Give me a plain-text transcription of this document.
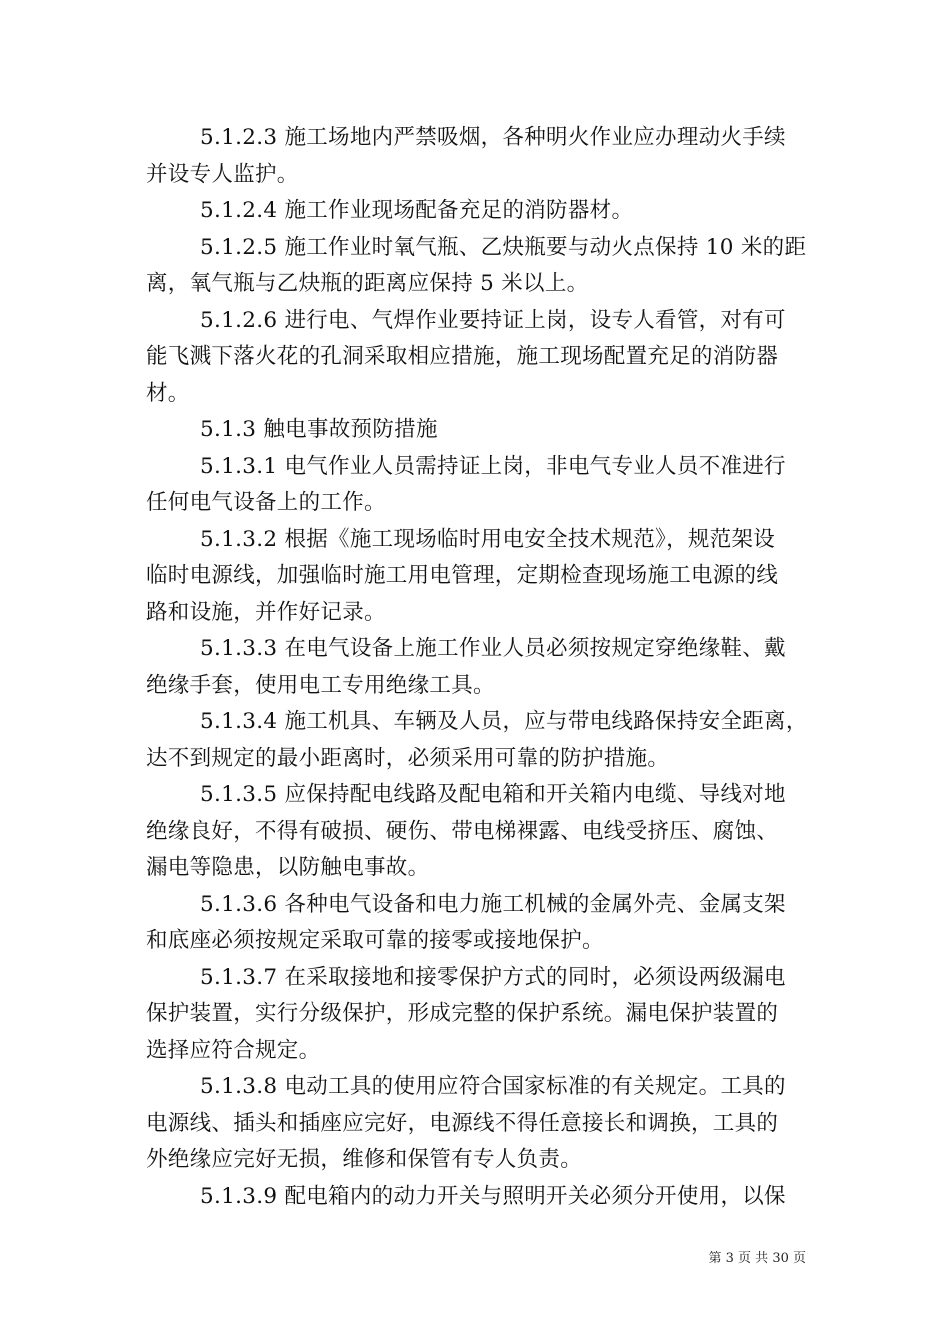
5.1.2.3 施工场地内严禁吸烟，各种明火作业应办理动火手续
并设专人监护。

5.1.2.4 施工作业现场配备充足的消防器材。

5.1.2.5 施工作业时氧气瓶、乙炔瓶要与动火点保持 10 米的距
离，氧气瓶与乙炔瓶的距离应保持 5 米以上。

5.1.2.6 进行电、气焊作业要持证上岗，设专人看管，对有可
能飞溅下落火花的孔洞采取相应措施，施工现场配置充足的消防器
材。

5.1.3 触电事故预防措施

5.1.3.1 电气作业人员需持证上岗，非电气专业人员不准进行
任何电气设备上的工作。

5.1.3.2 根据《施工现场临时用电安全技术规范》，规范架设
临时电源线，加强临时施工用电管理，定期检查现场施工电源的线
路和设施，并作好记录。

5.1.3.3 在电气设备上施工作业人员必须按规定穿绝缘鞋、戴
绝缘手套，使用电工专用绝缘工具。

5.1.3.4 施工机具、车辆及人员，应与带电线路保持安全距离，
达不到规定的最小距离时，必须采用可靠的防护措施。

5.1.3.5 应保持配电线路及配电箱和开关箱内电缆、导线对地
绝缘良好，不得有破损、硬伤、带电梯裸露、电线受挤压、腐蚀、
漏电等隐患，以防触电事故。

5.1.3.6 各种电气设备和电力施工机械的金属外壳、金属支架
和底座必须按规定采取可靠的接零或接地保护。

5.1.3.7 在采取接地和接零保护方式的同时，必须设两级漏电
保护装置，实行分级保护，形成完整的保护系统。漏电保护装置的
选择应符合规定。

5.1.3.8 电动工具的使用应符合国家标准的有关规定。工具的
电源线、插头和插座应完好，电源线不得任意接长和调换，工具的
外绝缘应完好无损，维修和保管有专人负责。

5.1.3.9 配电箱内的动力开关与照明开关必须分开使用，以保

第 3 页 共 30 页
